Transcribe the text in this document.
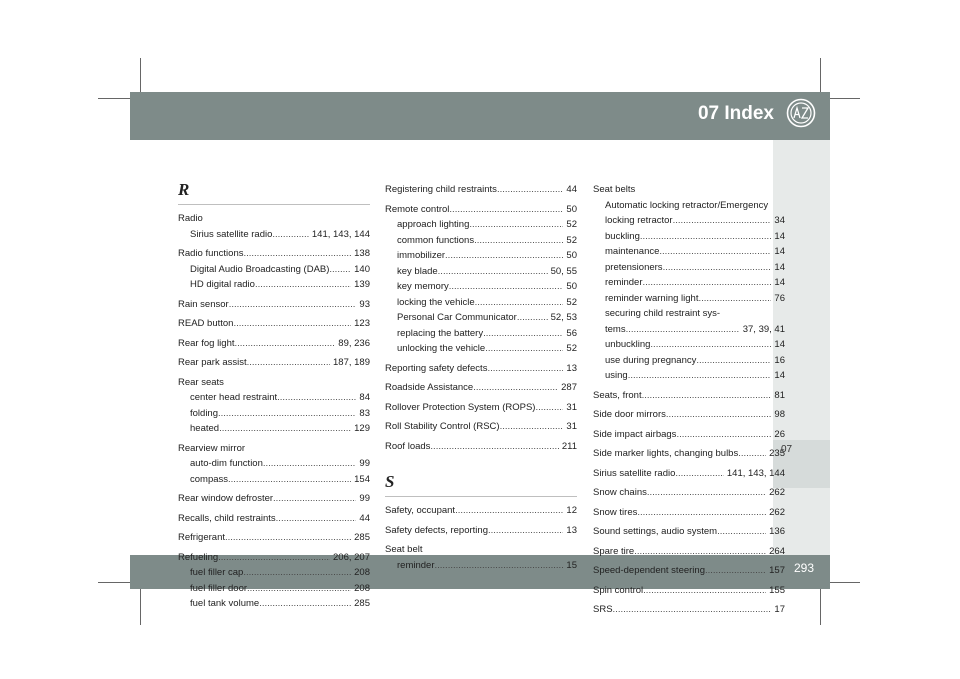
07 Index
07
293
R
Radio
Sirius satellite radio .....	141, 143, 144
Radio functions .....	138
Digital Audio Broadcasting (DAB) .....	140
HD digital radio .....	139
Rain sensor .....	93
READ button .....	123
Rear fog light .....	89, 236
Rear park assist .....	187, 189
Rear seats
center head restraint .....	84
folding .....	83
heated .....	129
Rearview mirror
auto-dim function .....	99
compass .....	154
Rear window defroster .....	99
Recalls, child restraints .....	44
Refrigerant .....	285
Refueling .....	206, 207
fuel filler cap .....	208
fuel filler door .....	208
fuel tank volume .....	285
Registering child restraints .....	44
Remote control .....	50
approach lighting .....	52
common functions .....	52
immobilizer .....	50
key blade .....	50, 55
key memory .....	50
locking the vehicle .....	52
Personal Car Communicator .....	52, 53
replacing the battery .....	56
unlocking the vehicle .....	52
Reporting safety defects .....	13
Roadside Assistance .....	287
Rollover Protection System (ROPS) .....	31
Roll Stability Control (RSC) .....	31
Roof loads .....	211
S
Safety, occupant .....	12
Safety defects, reporting .....	13
Seat belt
reminder .....	15
Seat belts
Automatic locking retractor/Emergency
locking retractor .....	34
buckling .....	14
maintenance .....	14
pretensioners .....	14
reminder .....	14
reminder warning light .....	76
securing child restraint sys-
tems .....	37, 39, 41
unbuckling .....	14
use during pregnancy .....	16
using .....	14
Seats, front .....	81
Side door mirrors .....	98
Side impact airbags .....	26
Side marker lights, changing bulbs .....	235
Sirius satellite radio .....	141, 143, 144
Snow chains .....	262
Snow tires .....	262
Sound settings, audio system .....	136
Spare tire .....	264
Speed-dependent steering .....	157
Spin control .....	155
SRS .....	17
